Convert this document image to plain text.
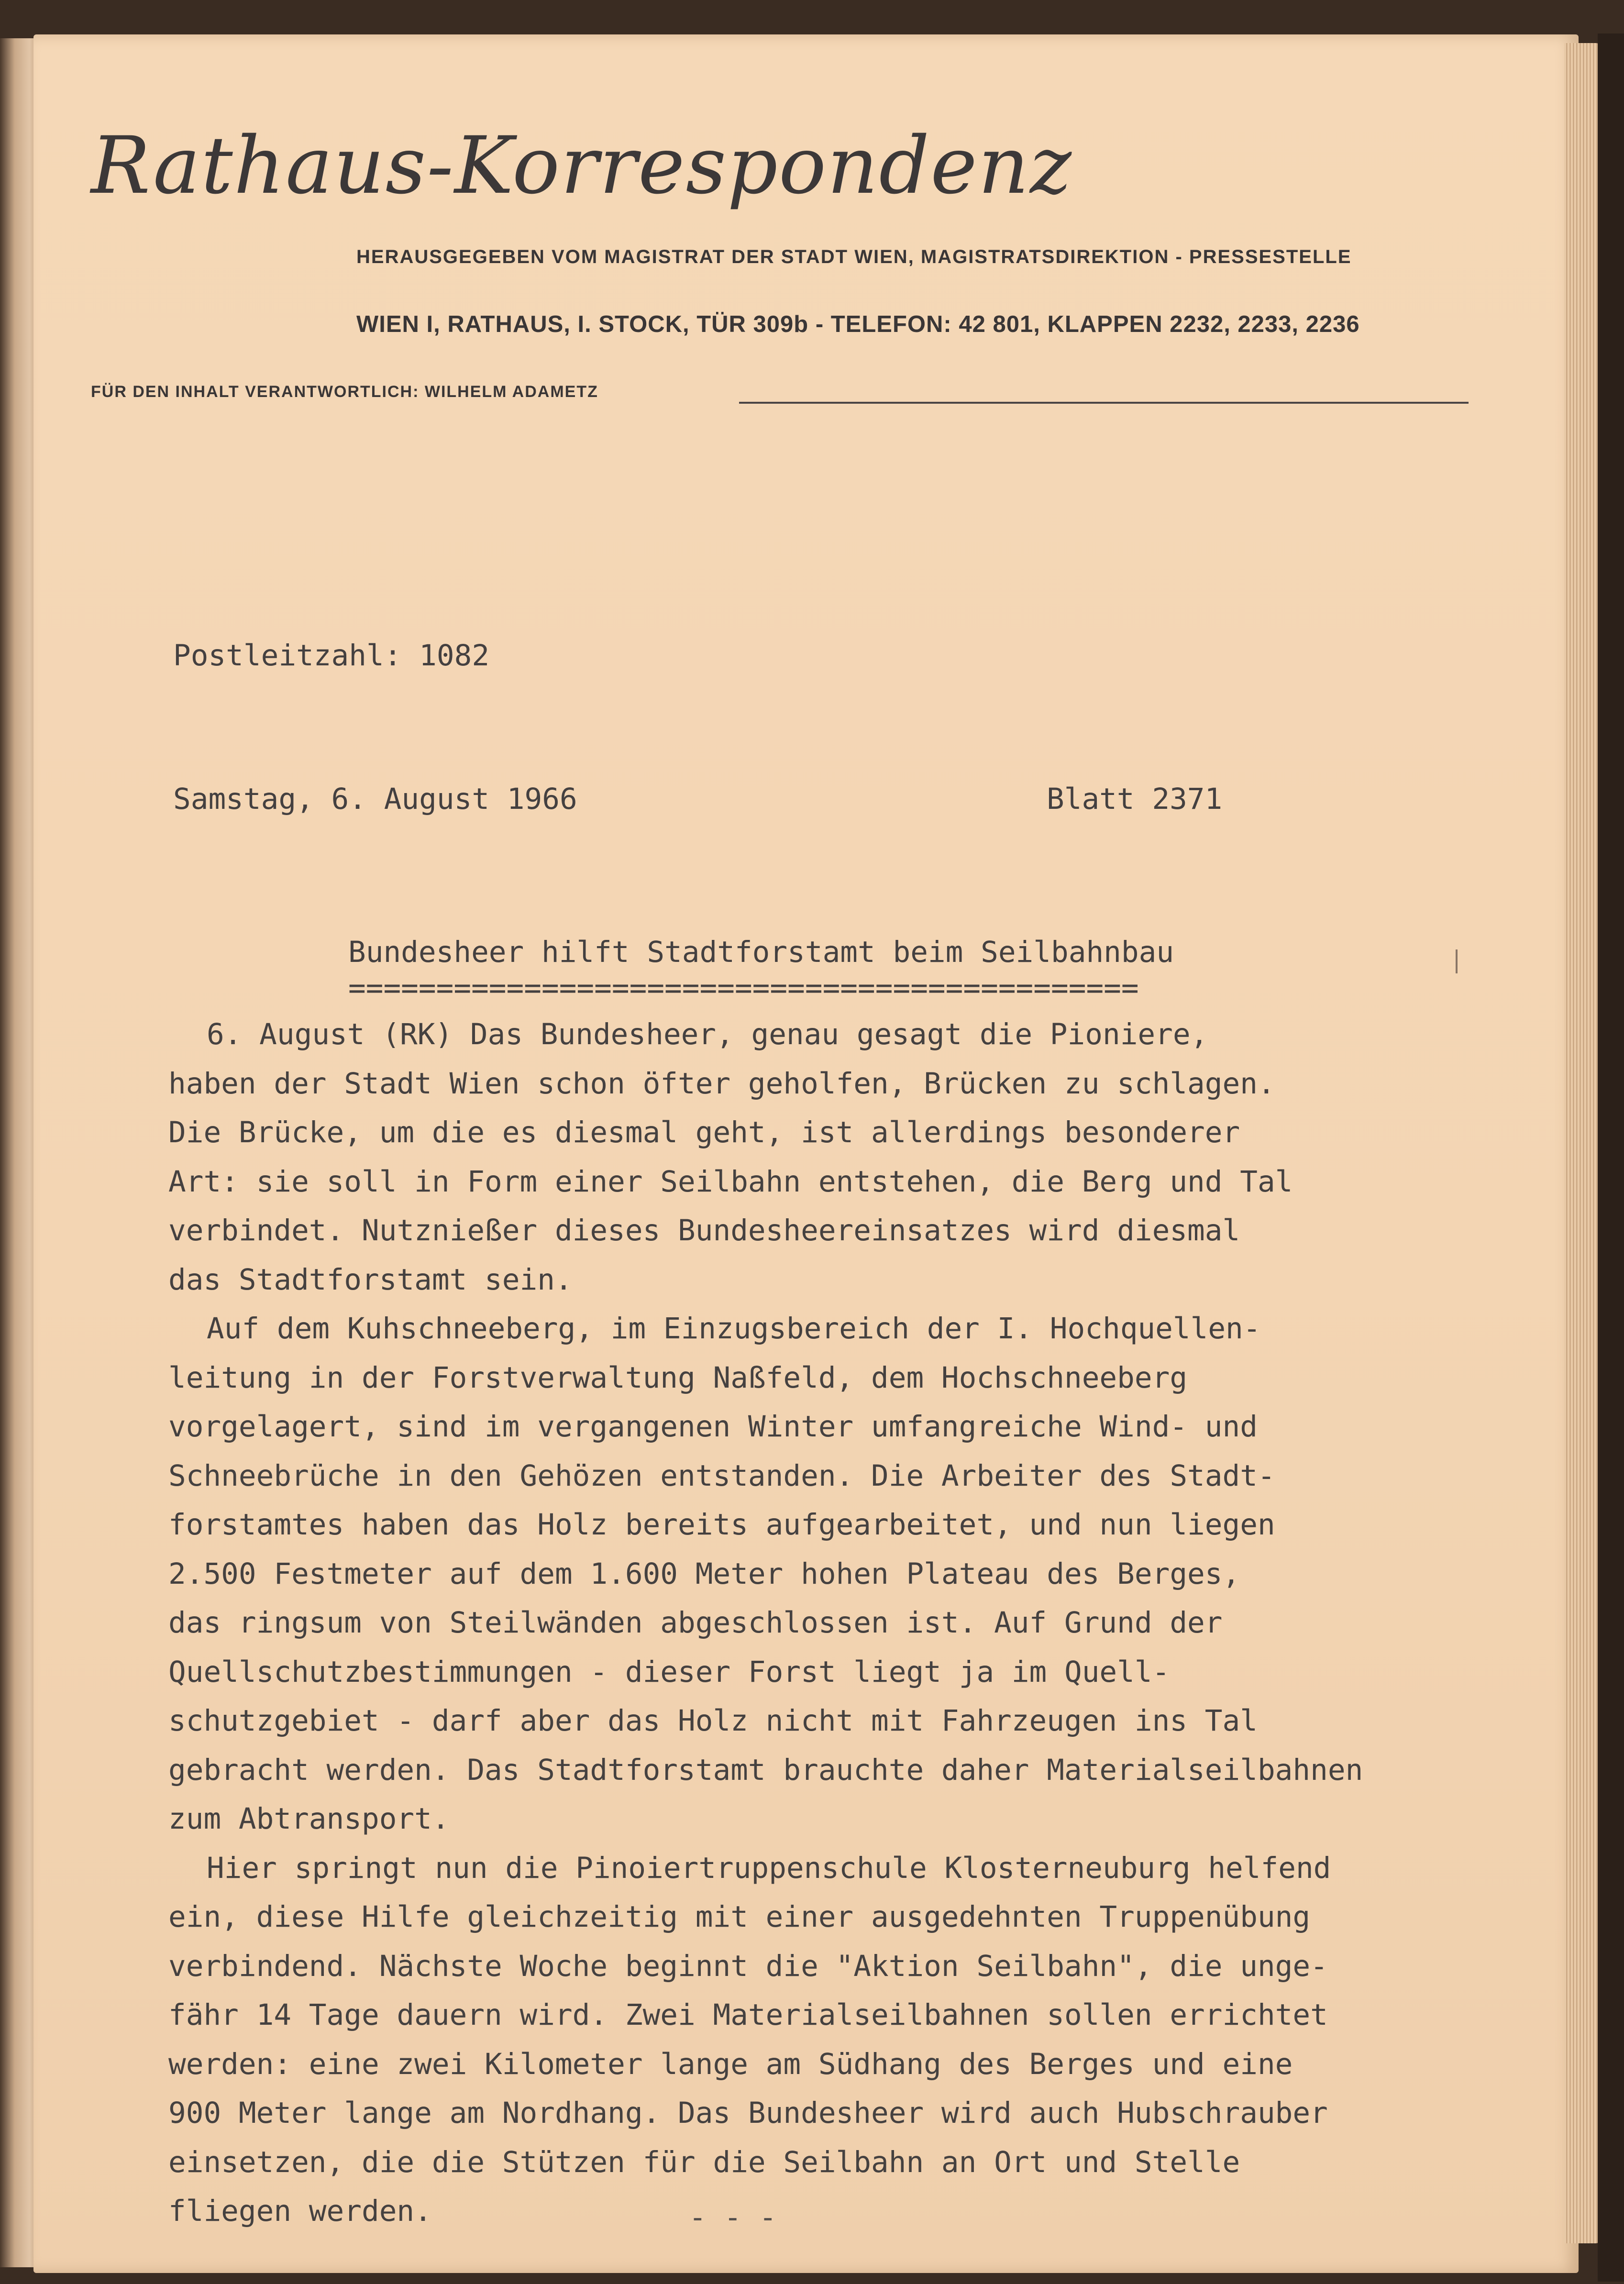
Rathaus-Korrespondenz
HERAUSGEGEBEN VOM MAGISTRAT DER STADT WIEN, MAGISTRATSDIREKTION - PRESSESTELLE
WIEN I, RATHAUS, I. STOCK, TÜR 309b - TELEFON: 42 801, KLAPPEN 2232, 2233, 2236
FÜR DEN INHALT VERANTWORTLICH: WILHELM ADAMETZ
Postleitzahl: 1082
Samstag, 6. August 1966	Blatt 2371
Bundesheer hilft Stadtforstamt beim Seilbahnbau
=============================================
6. August (RK) Das Bundesheer, genau gesagt die Pioniere,
haben der Stadt Wien schon öfter geholfen, Brücken zu schlagen.
Die Brücke, um die es diesmal geht, ist allerdings besonderer
Art: sie soll in Form einer Seilbahn entstehen, die Berg und Tal
verbindet. Nutznießer dieses Bundesheereinsatzes wird diesmal
das Stadtforstamt sein.
Auf dem Kuhschneeberg, im Einzugsbereich der I. Hochquellen-
leitung in der Forstverwaltung Naßfeld, dem Hochschneeberg
vorgelagert, sind im vergangenen Winter umfangreiche Wind- und
Schneebrüche in den Gehözen entstanden. Die Arbeiter des Stadt-
forstamtes haben das Holz bereits aufgearbeitet, und nun liegen
2.500 Festmeter auf dem 1.600 Meter hohen Plateau des Berges,
das ringsum von Steilwänden abgeschlossen ist. Auf Grund der
Quellschutzbestimmungen - dieser Forst liegt ja im Quell-
schutzgebiet - darf aber das Holz nicht mit Fahrzeugen ins Tal
gebracht werden. Das Stadtforstamt brauchte daher Materialseilbahnen
zum Abtransport.
Hier springt nun die Pinoiertruppenschule Klosterneuburg helfend
ein, diese Hilfe gleichzeitig mit einer ausgedehnten Truppenübung
verbindend. Nächste Woche beginnt die "Aktion Seilbahn", die unge-
fähr 14 Tage dauern wird. Zwei Materialseilbahnen sollen errichtet
werden: eine zwei Kilometer lange am Südhang des Berges und eine
900 Meter lange am Nordhang. Das Bundesheer wird auch Hubschrauber
einsetzen, die die Stützen für die Seilbahn an Ort und Stelle
fliegen werden.	- - -
